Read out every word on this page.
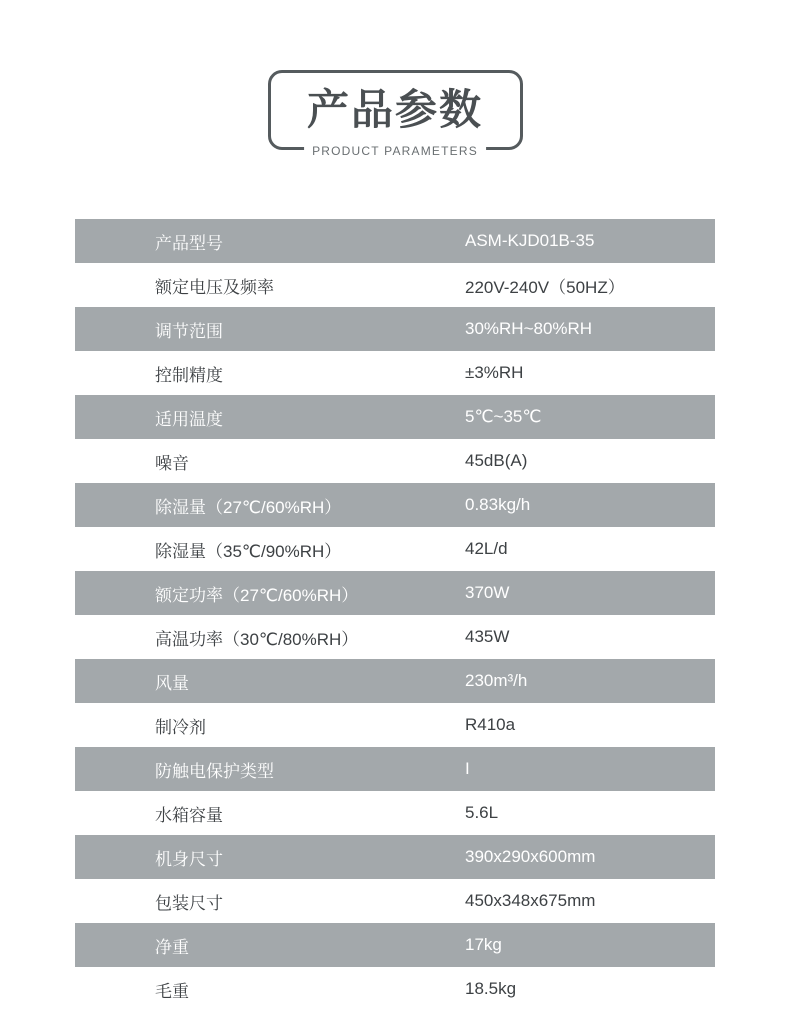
产品参数
PRODUCT PARAMETERS
产品型号	ASM-KJD01B-35
额定电压及频率	220V-240V（50HZ）
调节范围	30%RH~80%RH
控制精度	±3%RH
适用温度	5℃~35℃
噪音	45dB(A)
除湿量（27℃/60%RH）	0.83kg/h
除湿量（35℃/90%RH）	42L/d
额定功率（27℃/60%RH）	370W
高温功率（30℃/80%RH）	435W
风量	230m³/h
制冷剂	R410a
防触电保护类型	I
水箱容量	5.6L
机身尺寸	390x290x600mm
包装尺寸	450x348x675mm
净重	17kg
毛重	18.5kg
